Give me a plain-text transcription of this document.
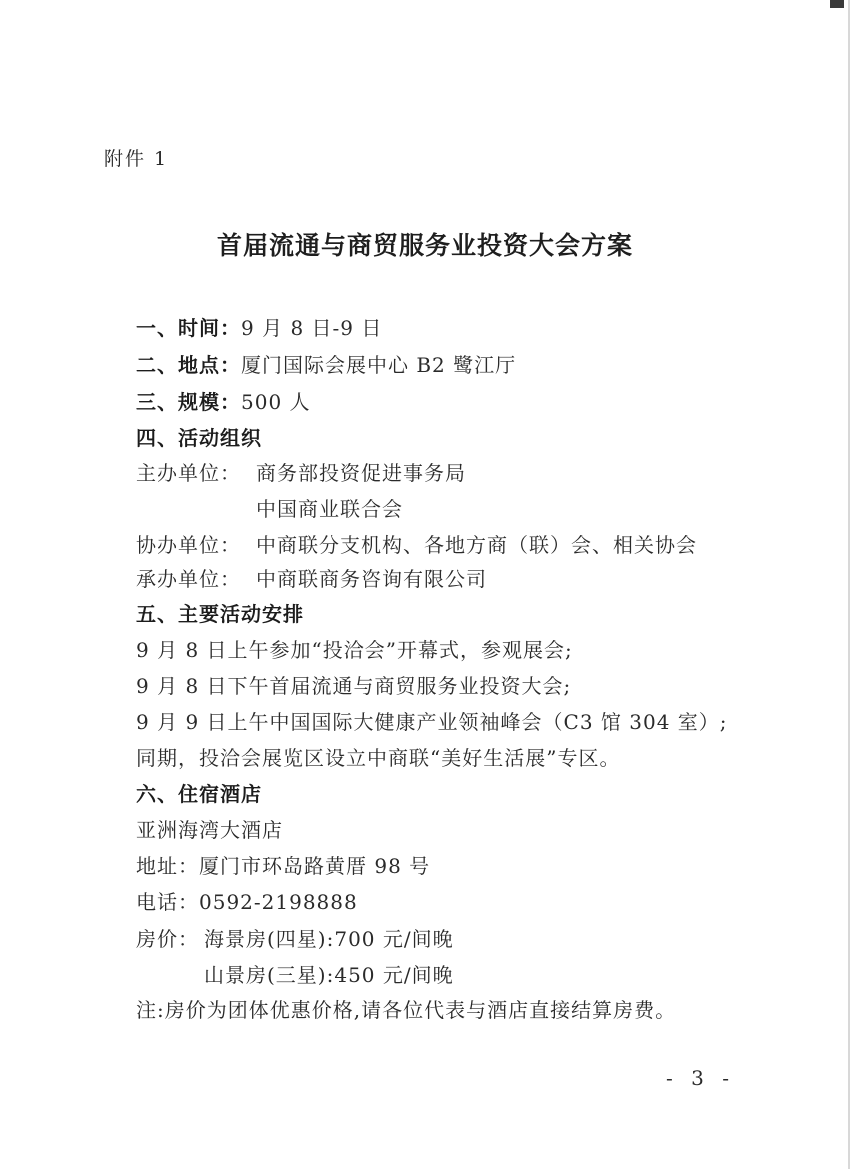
附件 1
首届流通与商贸服务业投资大会方案
一、时间：9 月 8 日-9 日
二、地点：厦门国际会展中心 B2 鹭江厅
三、规模：500 人
四、活动组织
主办单位： 商务部投资促进事务局
中国商业联合会
协办单位： 中商联分支机构、各地方商（联）会、相关协会
承办单位： 中商联商务咨询有限公司
五、主要活动安排
9 月 8 日上午参加“投洽会”开幕式，参观展会;
9 月 8 日下午首届流通与商贸服务业投资大会;
9 月 9 日上午中国国际大健康产业领袖峰会（C3 馆 304 室）;
同期，投洽会展览区设立中商联“美好生活展”专区。
六、住宿酒店
亚洲海湾大酒店
地址：厦门市环岛路黄厝 98 号
电话：0592-2198888
房价： 海景房(四星):700 元/间晚
山景房(三星):450 元/间晚
注:房价为团体优惠价格,请各位代表与酒店直接结算房费。
- 3 -
